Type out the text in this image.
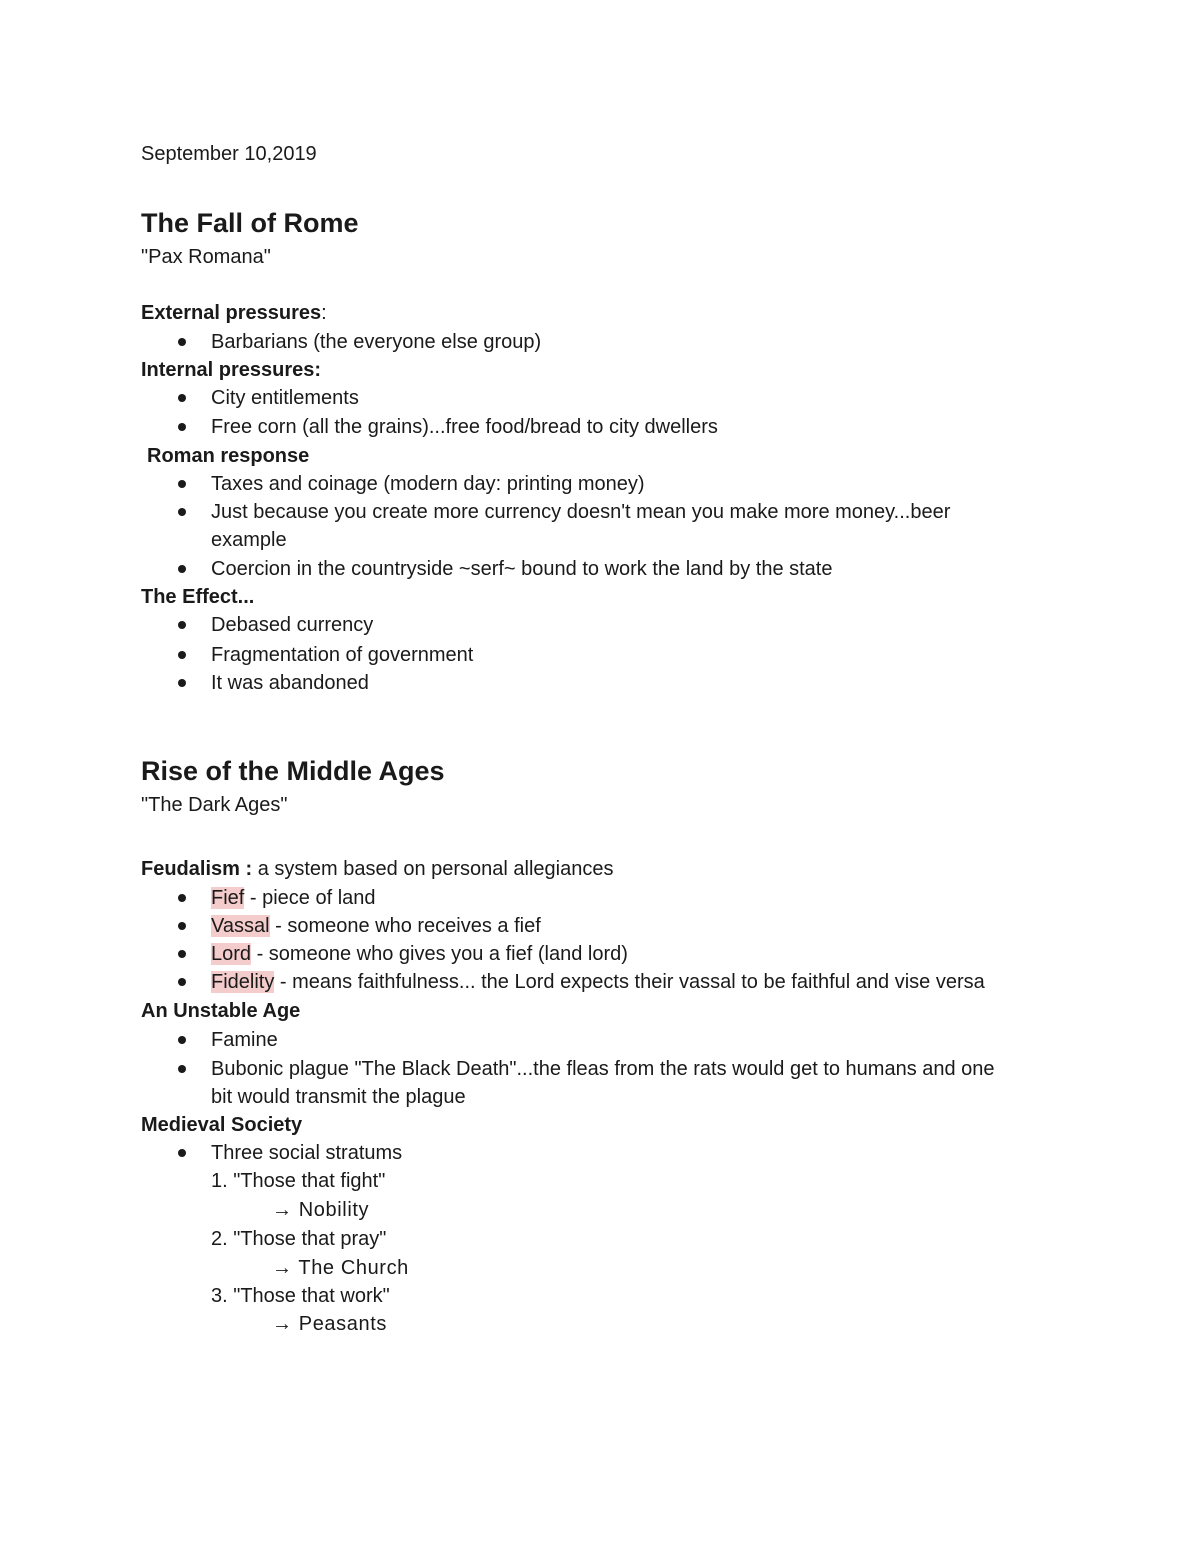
September 10,2019
The Fall of Rome
"Pax Romana"
External pressures:
Barbarians (the everyone else group)
Internal pressures:
City entitlements
Free corn (all the grains)...free food/bread to city dwellers
Roman response
Taxes and coinage (modern day: printing money)
Just because you create more currency doesn't mean you make more money...beer
example
Coercion in the countryside ~serf~ bound to work the land by the state
The Effect...
Debased currency
Fragmentation of government
It was abandoned
Rise of the Middle Ages
"The Dark Ages"
Feudalism : a system based on personal allegiances
Fief - piece of land
Vassal - someone who receives a fief
Lord - someone who gives you a fief (land lord)
Fidelity - means faithfulness... the Lord expects their vassal to be faithful and vise versa
An Unstable Age
Famine
Bubonic plague "The Black Death"...the fleas from the rats would get to humans and one
bit would transmit the plague
Medieval Society
Three social stratums
1. "Those that fight"
→ Nobility
2. "Those that pray"
→ The Church
3. "Those that work"
→ Peasants
